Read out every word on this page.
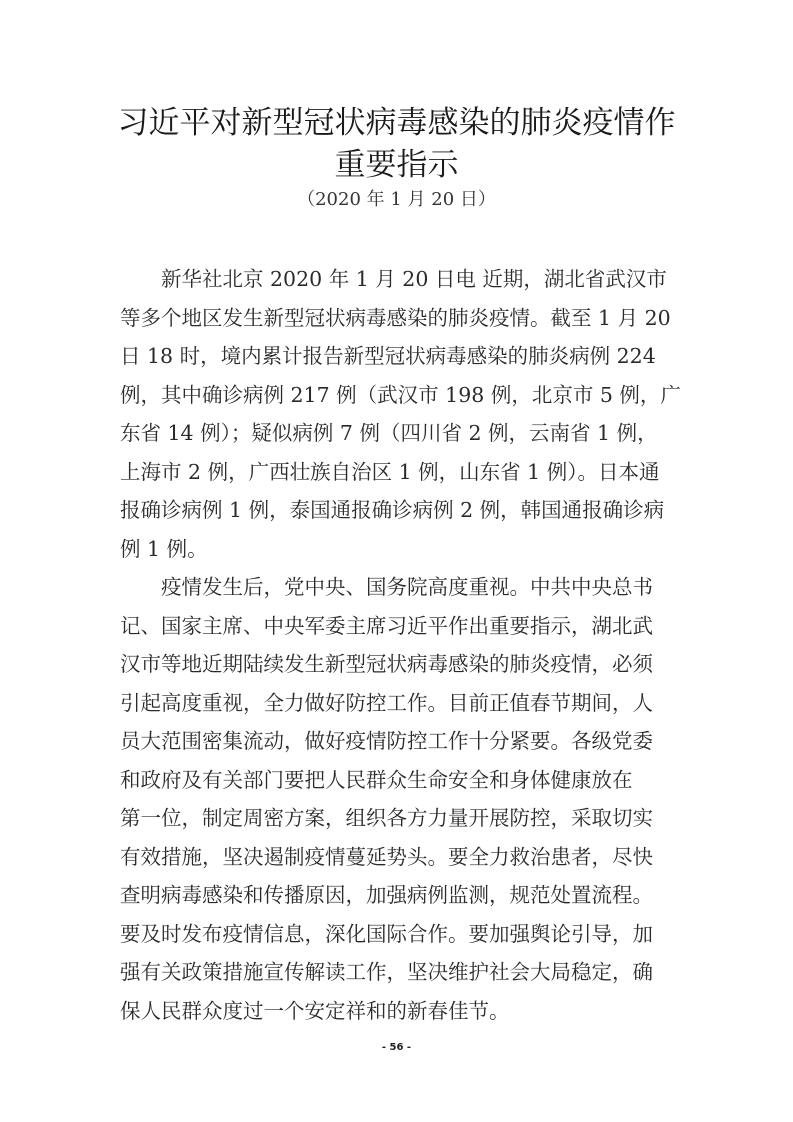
习近平对新型冠状病毒感染的肺炎疫情作
重要指示
（2020 年 1 月 20 日）
　　新华社北京 2020 年 1 月 20 日电 近期，湖北省武汉市
等多个地区发生新型冠状病毒感染的肺炎疫情。截至 1 月 20
日 18 时，境内累计报告新型冠状病毒感染的肺炎病例 224
例，其中确诊病例 217 例（武汉市 198 例，北京市 5 例，广
东省 14 例）；疑似病例 7 例（四川省 2 例，云南省 1 例，
上海市 2 例，广西壮族自治区 1 例，山东省 1 例）。日本通
报确诊病例 1 例，泰国通报确诊病例 2 例，韩国通报确诊病
例 1 例。
　　疫情发生后，党中央、国务院高度重视。中共中央总书
记、国家主席、中央军委主席习近平作出重要指示，湖北武
汉市等地近期陆续发生新型冠状病毒感染的肺炎疫情，必须
引起高度重视，全力做好防控工作。目前正值春节期间，人
员大范围密集流动，做好疫情防控工作十分紧要。各级党委
和政府及有关部门要把人民群众生命安全和身体健康放在
第一位，制定周密方案，组织各方力量开展防控，采取切实
有效措施，坚决遏制疫情蔓延势头。要全力救治患者，尽快
查明病毒感染和传播原因，加强病例监测，规范处置流程。
要及时发布疫情信息，深化国际合作。要加强舆论引导，加
强有关政策措施宣传解读工作，坚决维护社会大局稳定，确
保人民群众度过一个安定祥和的新春佳节。
- 56 -
